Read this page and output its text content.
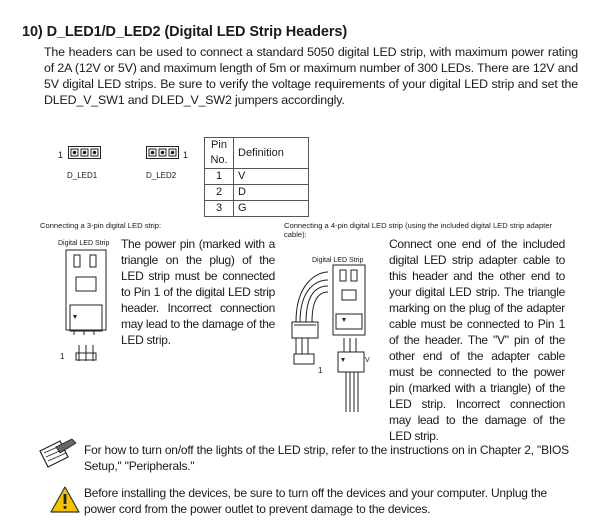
10) D_LED1/D_LED2 (Digital LED Strip Headers)
The headers can be used to connect a standard 5050 digital LED strip, with maximum power rating of 2A (12V or 5V) and maximum length of 5m or maximum number of 300 LEDs. There are 12V and 5V digital LED strips. Be sure to verify the voltage requirements of your digital LED strip and set the DLED_V_SW1 and DLED_V_SW2 jumpers accordingly.
1
D_LED1
1
D_LED2
Pin No.	Definition
1	V
2	D
3	G
Connecting a 3-pin digital LED strip:
Digital LED Strip
1
The power pin (marked with a triangle on the plug) of the LED strip must be connected to Pin 1 of the digital LED strip header. Incorrect connection may lead to the damage of the LED strip.
Connecting a 4-pin digital LED strip (using the included digital LED strip adapter cable):
Digital LED Strip
1
V
Connect one end of the included digital LED strip adapter cable to this header and the other end to your digital LED strip. The triangle marking on the plug of the adapter cable must be connected to Pin 1 of the header. The "V" pin of the other end of the adapter cable must be connected to the power pin (marked with a triangle) of the LED strip. Incorrect connection may lead to the damage of the LED strip.
For how to turn on/off the lights of the LED strip, refer to the instructions on in Chapter 2, "BIOS Setup," "Peripherals."
Before installing the devices, be sure to turn off the devices and your computer. Unplug the power cord from the power outlet to prevent damage to the devices.
